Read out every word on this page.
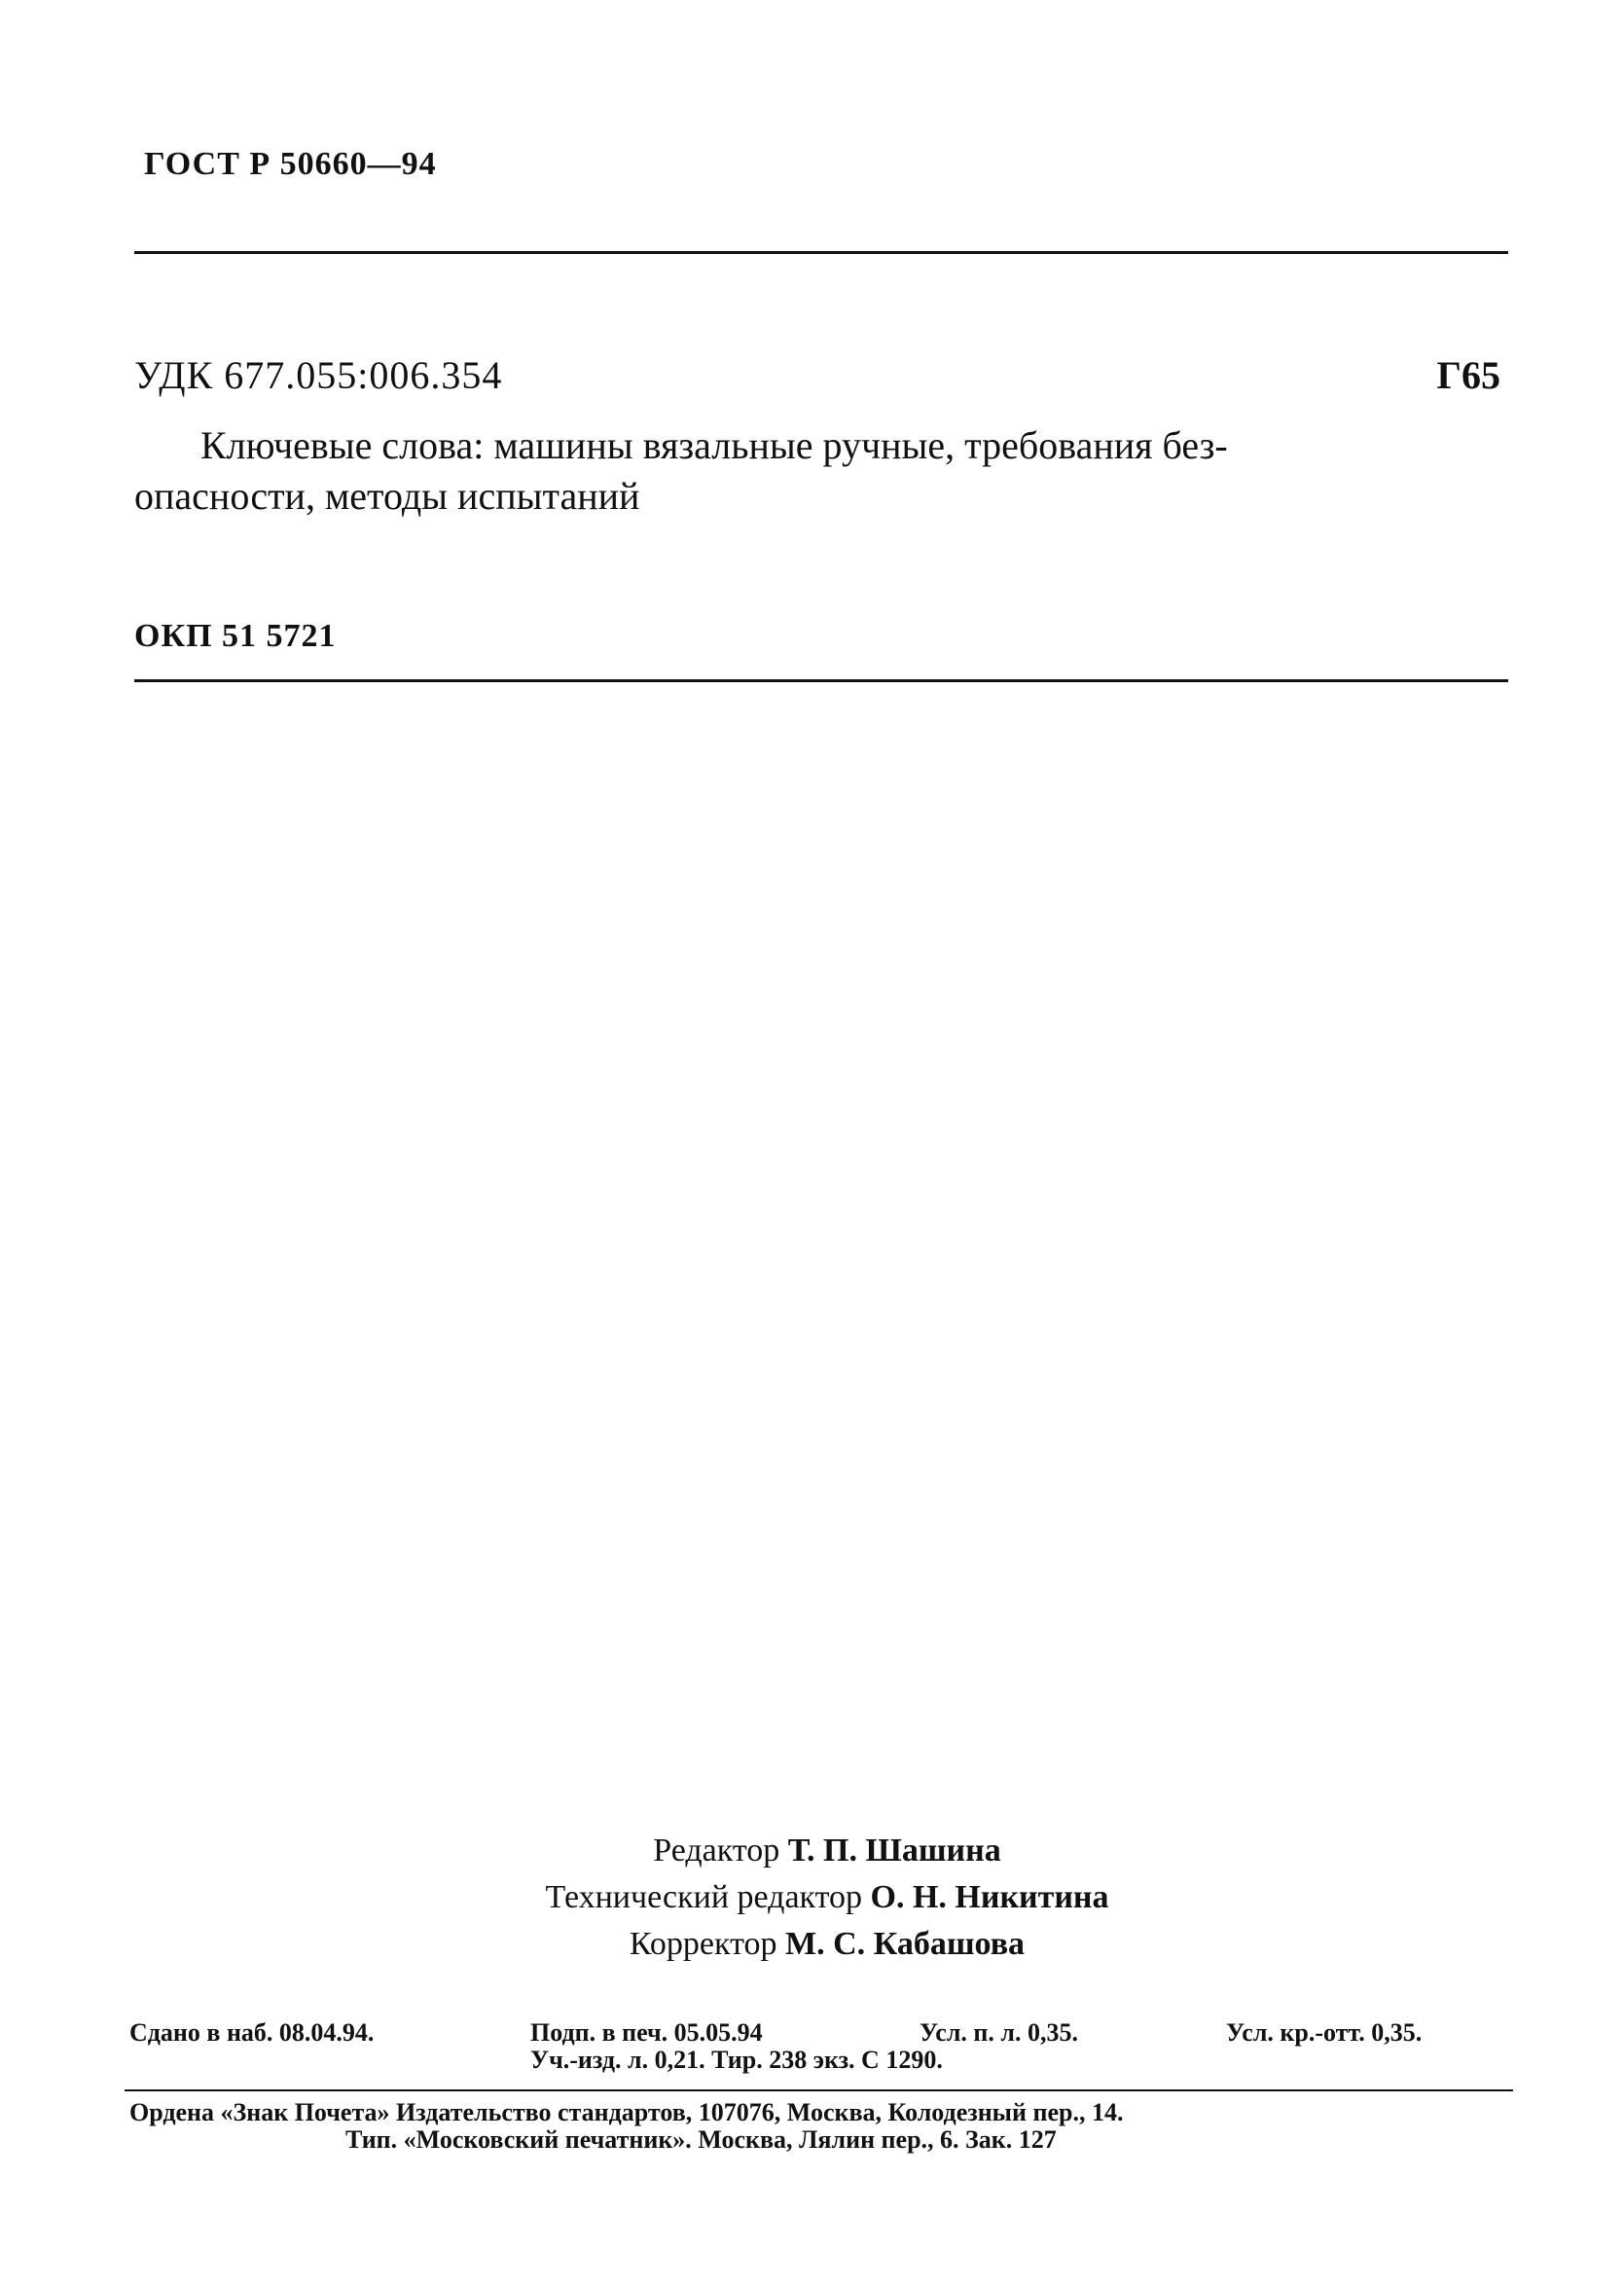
ГОСТ Р 50660—94
УДК 677.055:006.354	Г65
Ключевые слова: машины вязальные ручные, требования без-
опасности, методы испытаний
ОКП 51 5721
Редактор Т. П. Шашина
Технический редактор О. Н. Никитина
Корректор М. С. Кабашова
Сдано в наб. 08.04.94.	Подп. в печ. 05.05.94	Усл. п. л. 0,35.	Усл. кр.-отт. 0,35.
Уч.-изд. л. 0,21. Тир. 238 экз. С 1290.
Ордена «Знак Почета» Издательство стандартов, 107076, Москва, Колодезный пер., 14.
Тип. «Московский печатник». Москва, Лялин пер., 6. Зак. 127
